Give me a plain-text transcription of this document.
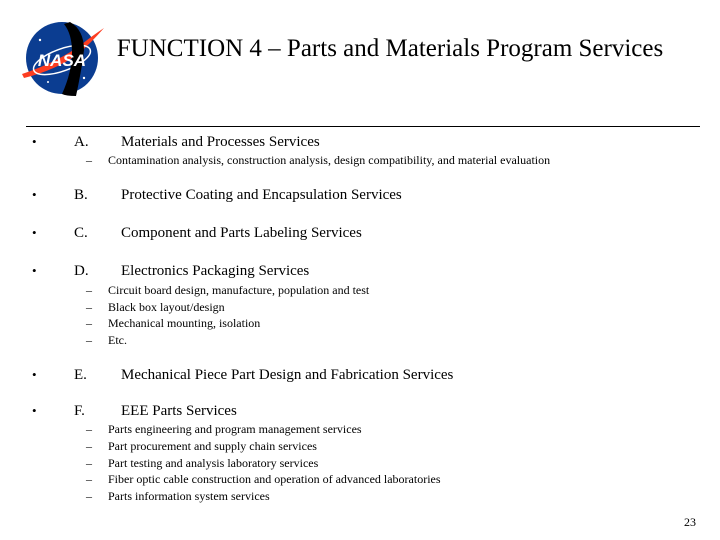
NASA FUNCTION 4 – Parts and Materials Program Services
• A. Materials and Processes Services
– Contamination analysis, construction analysis, design compatibility, and material evaluation
• B. Protective Coating and Encapsulation Services
• C. Component and Parts Labeling Services
• D. Electronics Packaging Services
– Circuit board design, manufacture, population and test
– Black box layout/design
– Mechanical mounting, isolation
– Etc.
• E. Mechanical Piece Part Design and Fabrication Services
• F. EEE Parts Services
– Parts engineering and program management services
– Part procurement and supply chain services
– Part testing and analysis laboratory services
– Fiber optic cable construction and operation of advanced laboratories
– Parts information system services
23
